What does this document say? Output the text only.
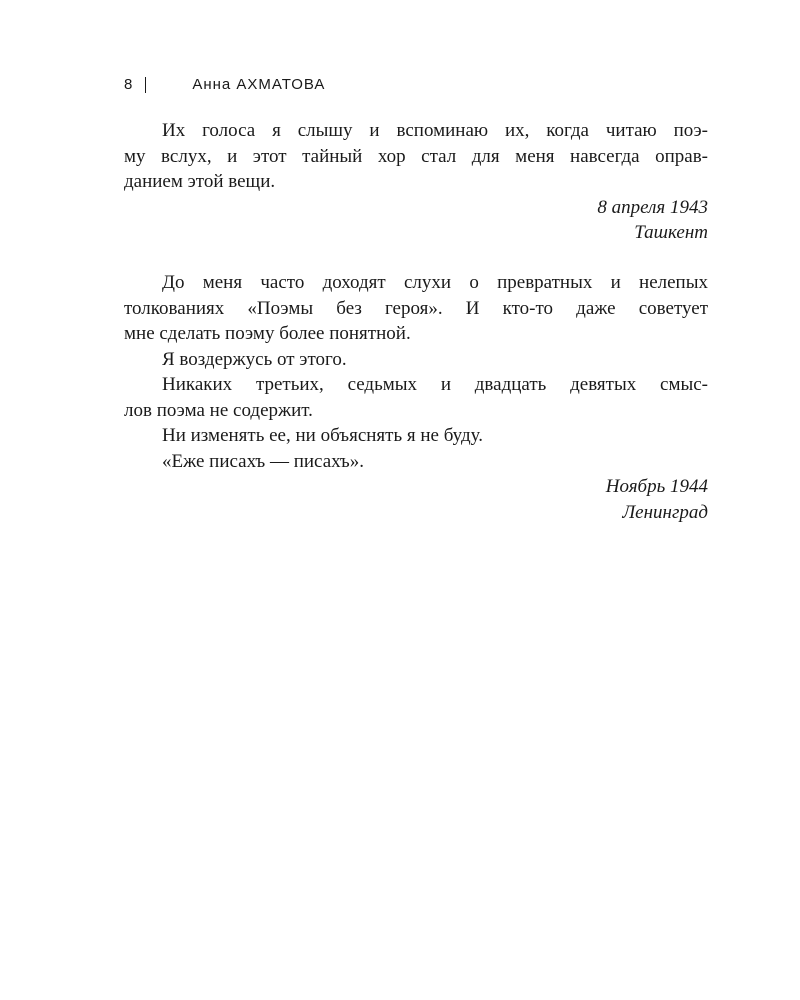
8	Анна АХМАТОВА
Их голоса я слышу и вспоминаю их, когда читаю поэ-
му вслух, и этот тайный хор стал для меня навсегда оправ-
данием этой вещи.
8 апреля 1943
Ташкент
До меня часто доходят слухи о превратных и нелепых
толкованиях «Поэмы без героя». И кто-то даже советует
мне сделать поэму более понятной.
Я воздержусь от этого.
Никаких третьих, седьмых и двадцать девятых смыс-
лов поэма не содержит.
Ни изменять ее, ни объяснять я не буду.
«Еже писахъ — писахъ».
Ноябрь 1944
Ленинград
